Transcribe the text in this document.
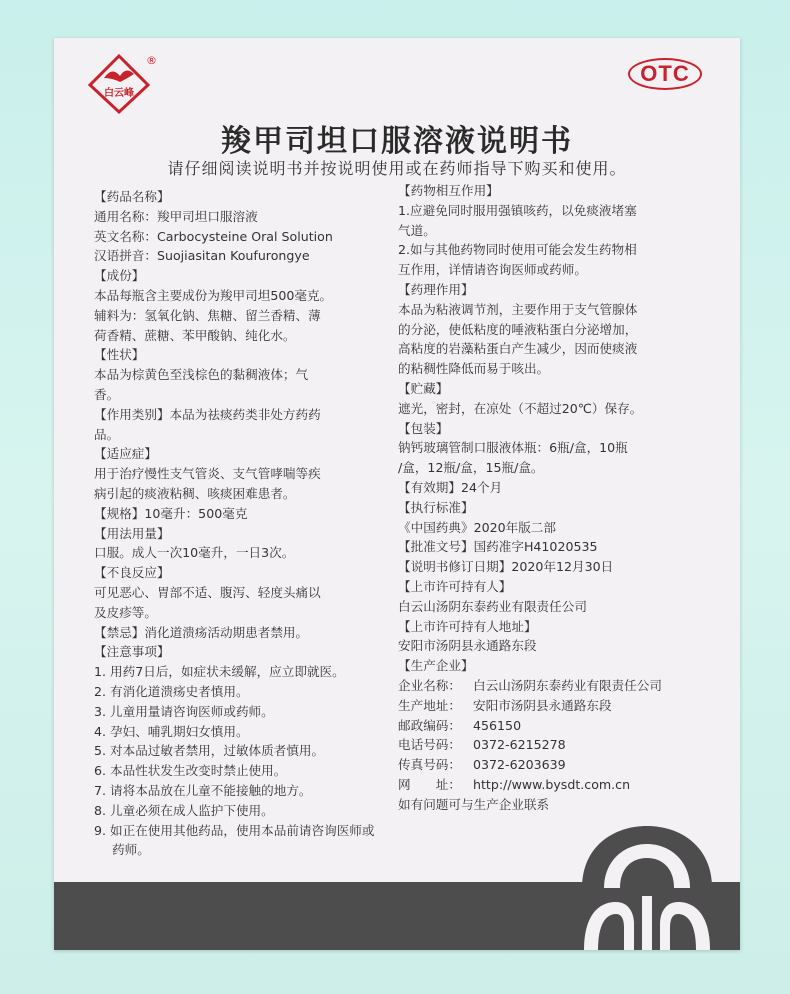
白云峰
®
OTC
羧甲司坦口服溶液说明书
请仔细阅读说明书并按说明使用或在药师指导下购买和使用。
【药品名称】
通用名称：羧甲司坦口服溶液
英文名称：Carbocysteine Oral Solution
汉语拼音：Suojiasitan Koufurongye
【成份】
本品每瓶含主要成份为羧甲司坦500毫克。
辅料为：氢氧化钠、焦糖、留兰香精、薄
荷香精、蔗糖、苯甲酸钠、纯化水。
【性状】
本品为棕黄色至浅棕色的黏稠液体；气
香。
【作用类别】本品为祛痰药类非处方药药
品。
【适应症】
用于治疗慢性支气管炎、支气管哮喘等疾
病引起的痰液粘稠、咳痰困难患者。
【规格】10毫升：500毫克
【用法用量】
口服。成人一次10毫升，一日3次。
【不良反应】
可见恶心、胃部不适、腹泻、轻度头痛以
及皮疹等。
【禁忌】消化道溃疡活动期患者禁用。
【注意事项】
1. 用药7日后，如症状未缓解，应立即就医。
2. 有消化道溃疡史者慎用。
3. 儿童用量请咨询医师或药师。
4. 孕妇、哺乳期妇女慎用。
5. 对本品过敏者禁用，过敏体质者慎用。
6. 本品性状发生改变时禁止使用。
7. 请将本品放在儿童不能接触的地方。
8. 儿童必须在成人监护下使用。
9. 如正在使用其他药品，使用本品前请咨询医师或药师。
【药物相互作用】
1.应避免同时服用强镇咳药，以免痰液堵塞
气道。
2.如与其他药物同时使用可能会发生药物相
互作用，详情请咨询医师或药师。
【药理作用】
本品为粘液调节剂，主要作用于支气管腺体
的分泌，使低粘度的唾液粘蛋白分泌增加，
高粘度的岩藻粘蛋白产生减少，因而使痰液
的粘稠性降低而易于咳出。
【贮藏】
遮光，密封，在凉处（不超过20℃）保存。
【包装】
钠钙玻璃管制口服液体瓶：6瓶/盒，10瓶
/盒，12瓶/盒，15瓶/盒。
【有效期】24个月
【执行标准】
《中国药典》2020年版二部
【批准文号】国药准字H41020535
【说明书修订日期】2020年12月30日
【上市许可持有人】
白云山汤阴东泰药业有限责任公司
【上市许可持有人地址】
安阳市汤阴县永通路东段
【生产企业】
企业名称： 白云山汤阴东泰药业有限责任公司
生产地址： 安阳市汤阴县永通路东段
邮政编码： 456150
电话号码： 0372-6215278
传真号码： 0372-6203639
网　　址： http://www.bysdt.com.cn
如有问题可与生产企业联系
